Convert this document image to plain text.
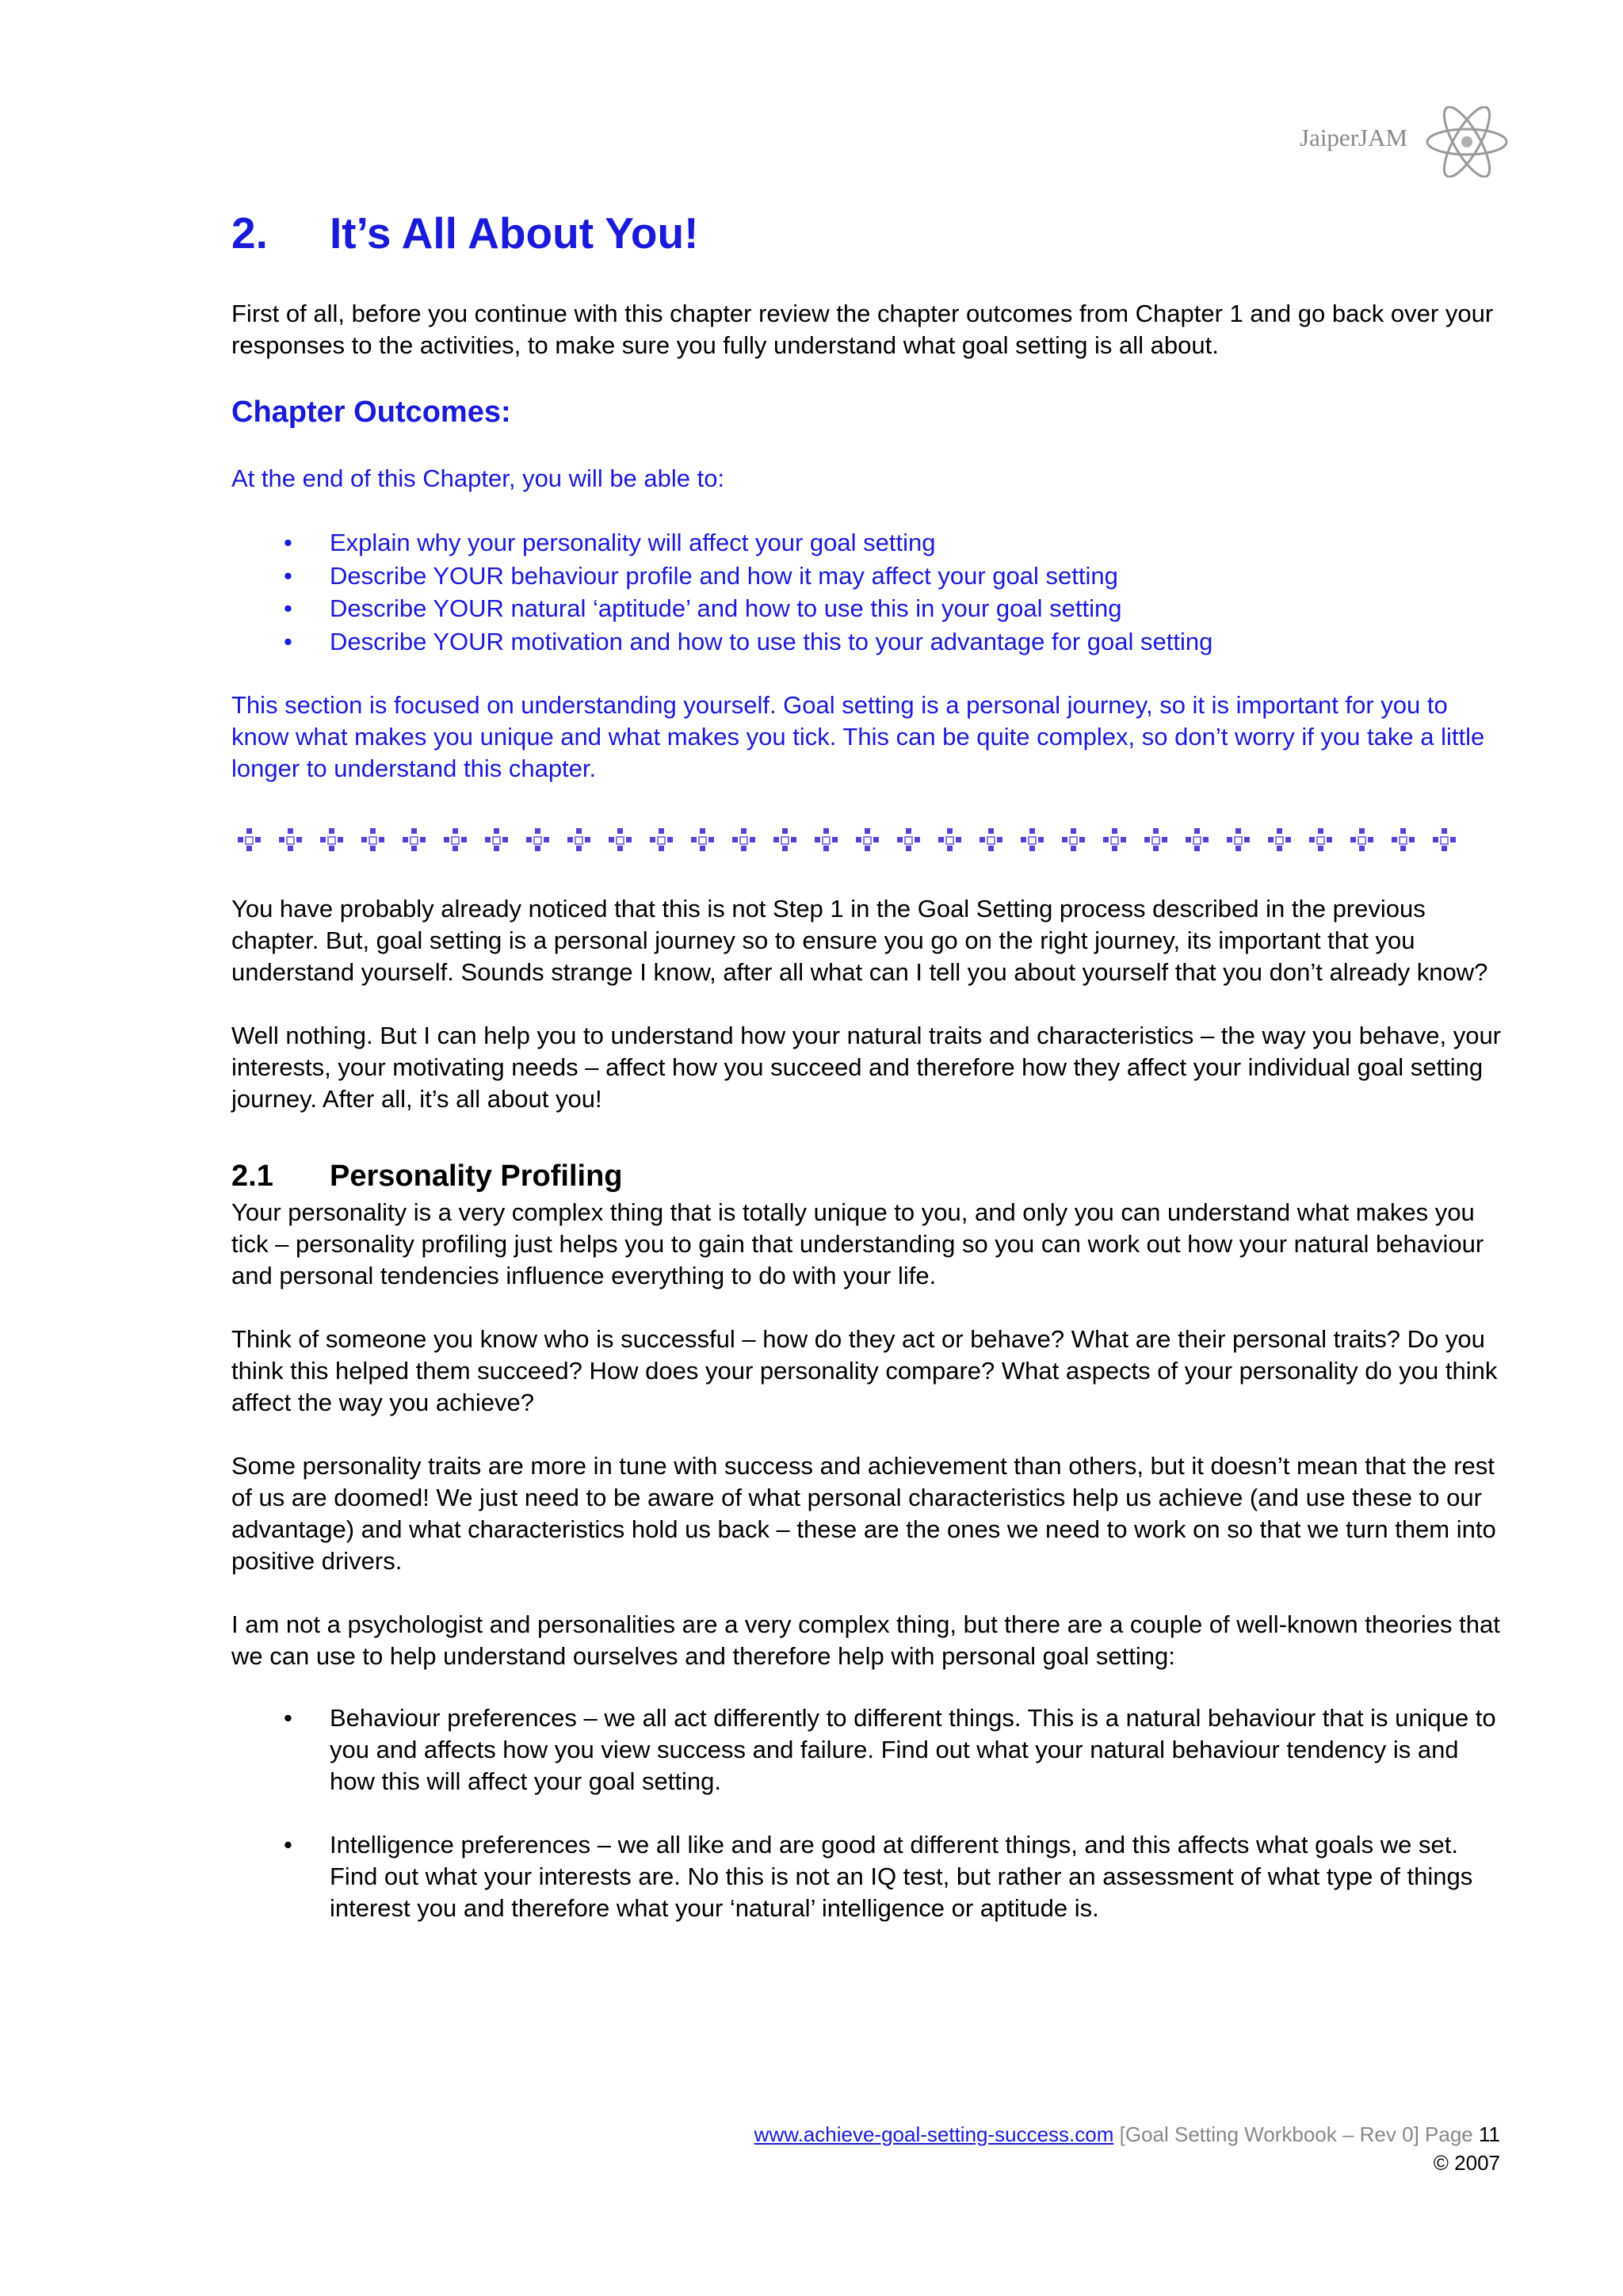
JaiperJAM
2. It’s All About You!

First of all, before you continue with this chapter review the chapter outcomes from Chapter 1 and go back over your responses to the activities, to make sure you fully understand what goal setting is all about.

Chapter Outcomes:

At the end of this Chapter, you will be able to:

• Explain why your personality will affect your goal setting
• Describe YOUR behaviour profile and how it may affect your goal setting
• Describe YOUR natural ‘aptitude’ and how to use this in your goal setting
• Describe YOUR motivation and how to use this to your advantage for goal setting

This section is focused on understanding yourself. Goal setting is a personal journey, so it is important for you to know what makes you unique and what makes you tick. This can be quite complex, so don’t worry if you take a little longer to understand this chapter.

You have probably already noticed that this is not Step 1 in the Goal Setting process described in the previous chapter. But, goal setting is a personal journey so to ensure you go on the right journey, its important that you understand yourself. Sounds strange I know, after all what can I tell you about yourself that you don’t already know?

Well nothing. But I can help you to understand how your natural traits and characteristics – the way you behave, your interests, your motivating needs – affect how you succeed and therefore how they affect your individual goal setting journey. After all, it’s all about you!

2.1 Personality Profiling

Your personality is a very complex thing that is totally unique to you, and only you can understand what makes you tick – personality profiling just helps you to gain that understanding so you can work out how your natural behaviour and personal tendencies influence everything to do with your life.

Think of someone you know who is successful – how do they act or behave? What are their personal traits? Do you think this helped them succeed? How does your personality compare? What aspects of your personality do you think affect the way you achieve?

Some personality traits are more in tune with success and achievement than others, but it doesn’t mean that the rest of us are doomed! We just need to be aware of what personal characteristics help us achieve (and use these to our advantage) and what characteristics hold us back – these are the ones we need to work on so that we turn them into positive drivers.

I am not a psychologist and personalities are a very complex thing, but there are a couple of well-known theories that we can use to help understand ourselves and therefore help with personal goal setting:

• Behaviour preferences – we all act differently to different things. This is a natural behaviour that is unique to you and affects how you view success and failure. Find out what your natural behaviour tendency is and how this will affect your goal setting.
• Intelligence preferences – we all like and are good at different things, and this affects what goals we set. Find out what your interests are. No this is not an IQ test, but rather an assessment of what type of things interest you and therefore what your ‘natural’ intelligence or aptitude is.
www.achieve-goal-setting-success.com [Goal Setting Workbook – Rev 0] Page 11
© 2007
